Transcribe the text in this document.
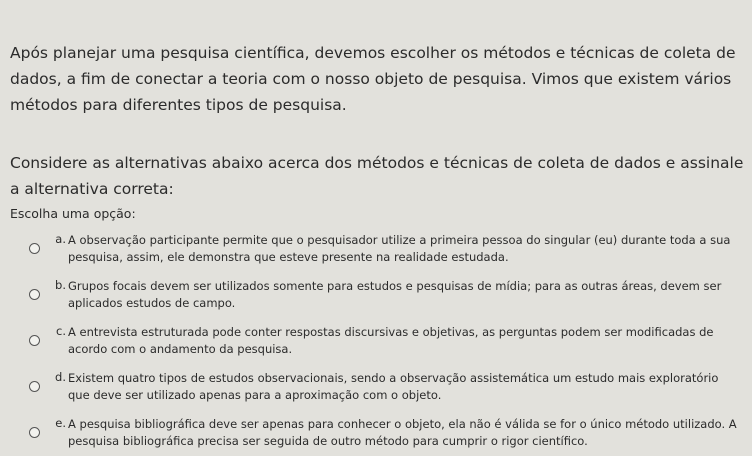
Após planejar uma pesquisa científica, devemos escolher os métodos e técnicas de coleta de dados, a fim de conectar a teoria com o nosso objeto de pesquisa. Vimos que existem vários métodos para diferentes tipos de pesquisa.

Considere as alternativas abaixo acerca dos métodos e técnicas de coleta de dados e assinale a alternativa correta:

Escolha uma opção:

a. A observação participante permite que o pesquisador utilize a primeira pessoa do singular (eu) durante toda a sua pesquisa, assim, ele demonstra que esteve presente na realidade estudada.
b. Grupos focais devem ser utilizados somente para estudos e pesquisas de mídia; para as outras áreas, devem ser aplicados estudos de campo.
c. A entrevista estruturada pode conter respostas discursivas e objetivas, as perguntas podem ser modificadas de acordo com o andamento da pesquisa.
d. Existem quatro tipos de estudos observacionais, sendo a observação assistemática um estudo mais exploratório que deve ser utilizado apenas para a aproximação com o objeto.
e. A pesquisa bibliográfica deve ser apenas para conhecer o objeto, ela não é válida se for o único método utilizado. A pesquisa bibliográfica precisa ser seguida de outro método para cumprir o rigor científico.
